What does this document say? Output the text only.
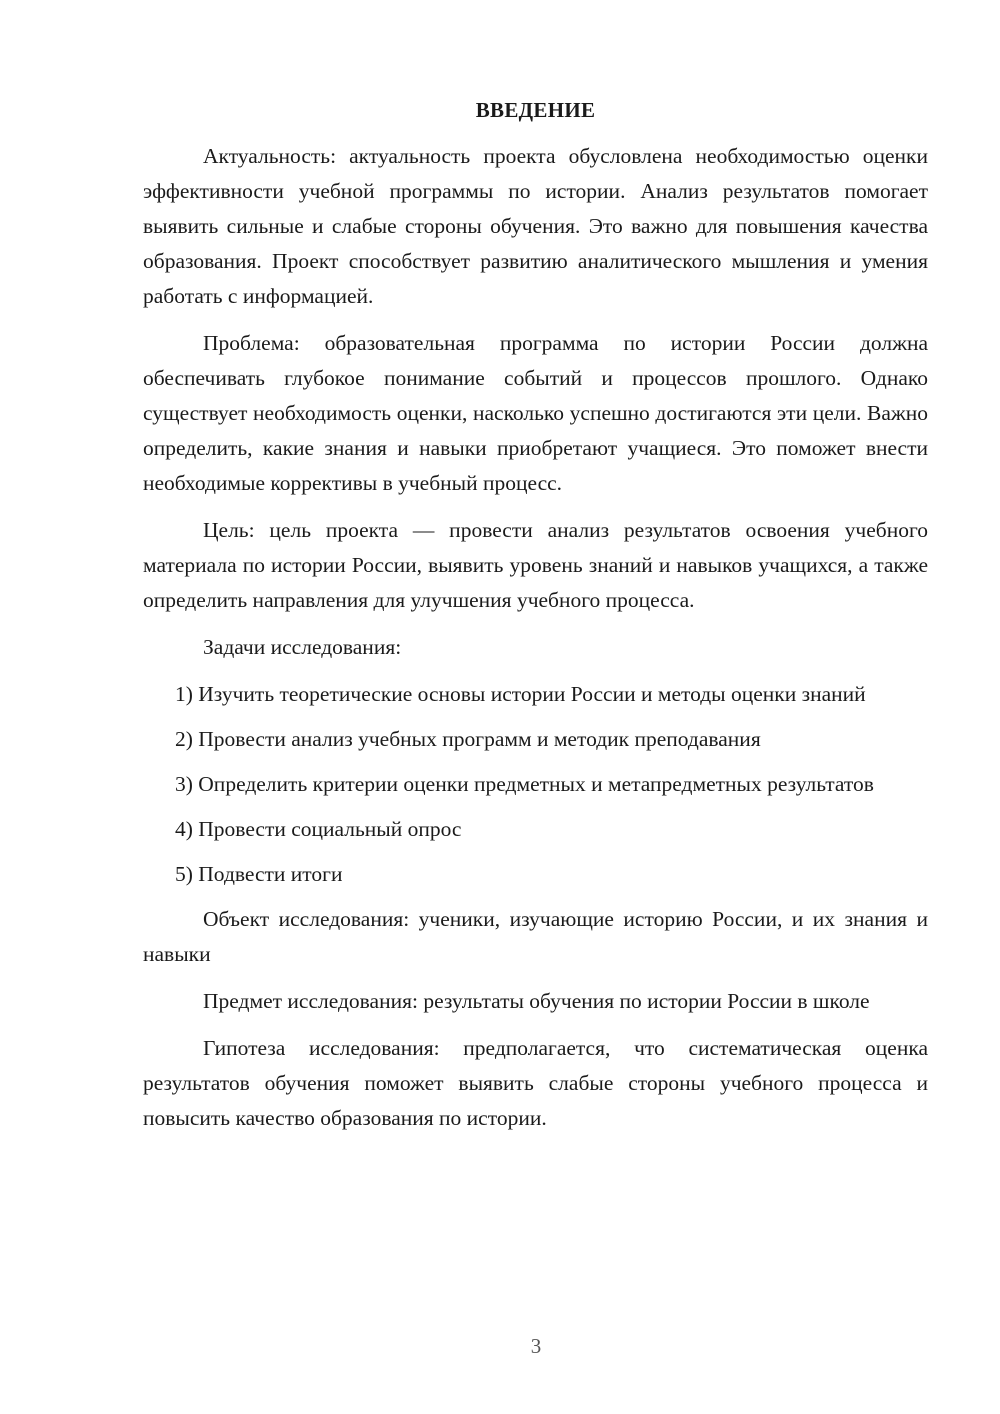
ВВЕДЕНИЕ

Актуальность: актуальность проекта обусловлена необходимостью оценки эффективности учебной программы по истории. Анализ результатов помогает выявить сильные и слабые стороны обучения. Это важно для повышения качества образования. Проект способствует развитию аналитического мышления и умения работать с информацией.

Проблема: образовательная программа по истории России должна обеспечивать глубокое понимание событий и процессов прошлого. Однако существует необходимость оценки, насколько успешно достигаются эти цели. Важно определить, какие знания и навыки приобретают учащиеся. Это поможет внести необходимые коррективы в учебный процесс.

Цель: цель проекта — провести анализ результатов освоения учебного материала по истории России, выявить уровень знаний и навыков учащихся, а также определить направления для улучшения учебного процесса.

Задачи исследования:

1) Изучить теоретические основы истории России и методы оценки знаний

2) Провести анализ учебных программ и методик преподавания

3) Определить критерии оценки предметных и метапредметных результатов

4) Провести социальный опрос

5) Подвести итоги

Объект исследования: ученики, изучающие историю России, и их знания и навыки

Предмет исследования: результаты обучения по истории России в школе

Гипотеза исследования: предполагается, что систематическая оценка результатов обучения поможет выявить слабые стороны учебного процесса и повысить качество образования по истории.

3
